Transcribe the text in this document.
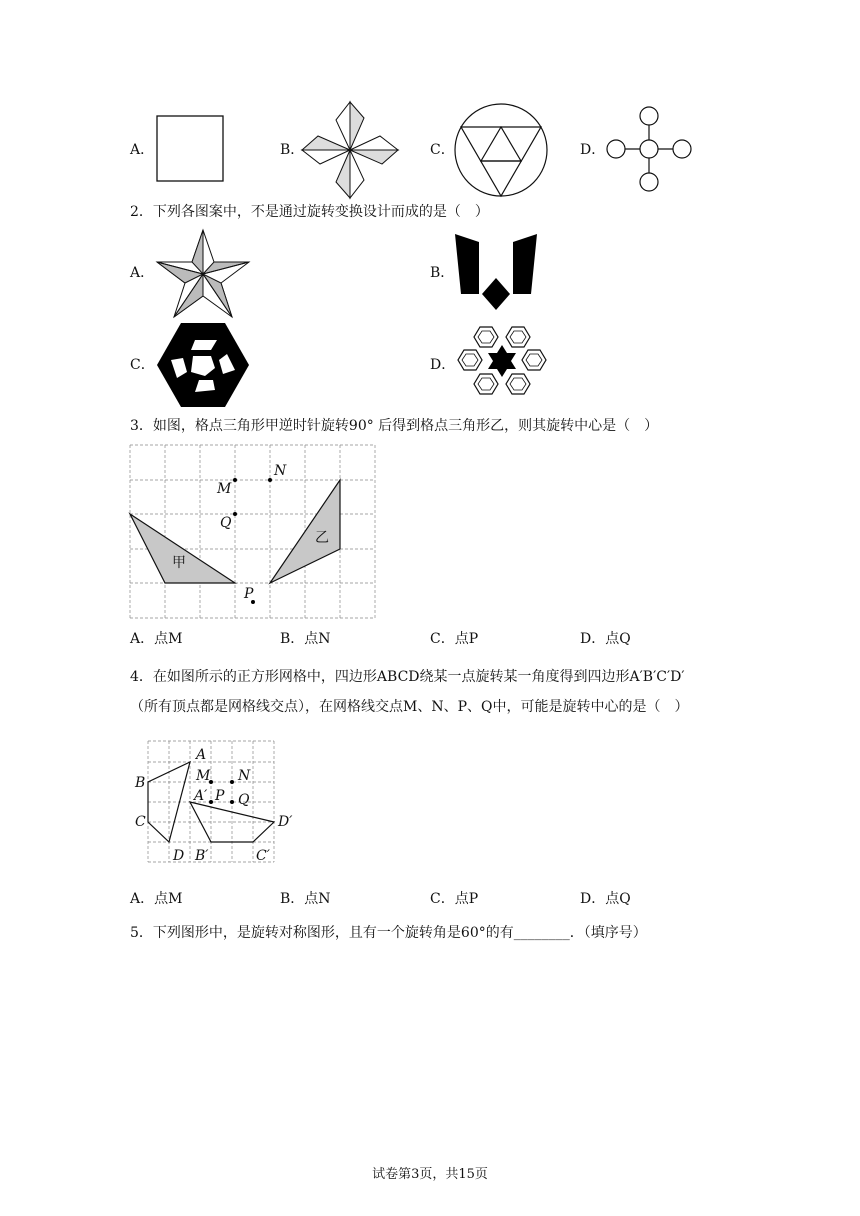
A．	B．	C．	D．
2．下列各图案中，不是通过旋转变换设计而成的是（　）
A．	B．
C．	D．
3．如图，格点三角形甲逆时针旋转90° 后得到格点三角形乙，则其旋转中心是（　）
N
M
Q
P
甲
乙
A．点M	B．点N	C．点P	D．点Q
4．在如图所示的正方形网格中，四边形ABCD绕某一点旋转某一角度得到四边形A′B′C′D′
（所有顶点都是网格线交点），在网格线交点M、N、P、Q中，可能是旋转中心的是（　）
A
B
C
D
M N
P Q
A′
B′	C′
D′
A．点M	B．点N	C．点P	D．点Q
5．下列图形中，是旋转对称图形，且有一个旋转角是60°的有________．（填序号）
试卷第3页，共15页
